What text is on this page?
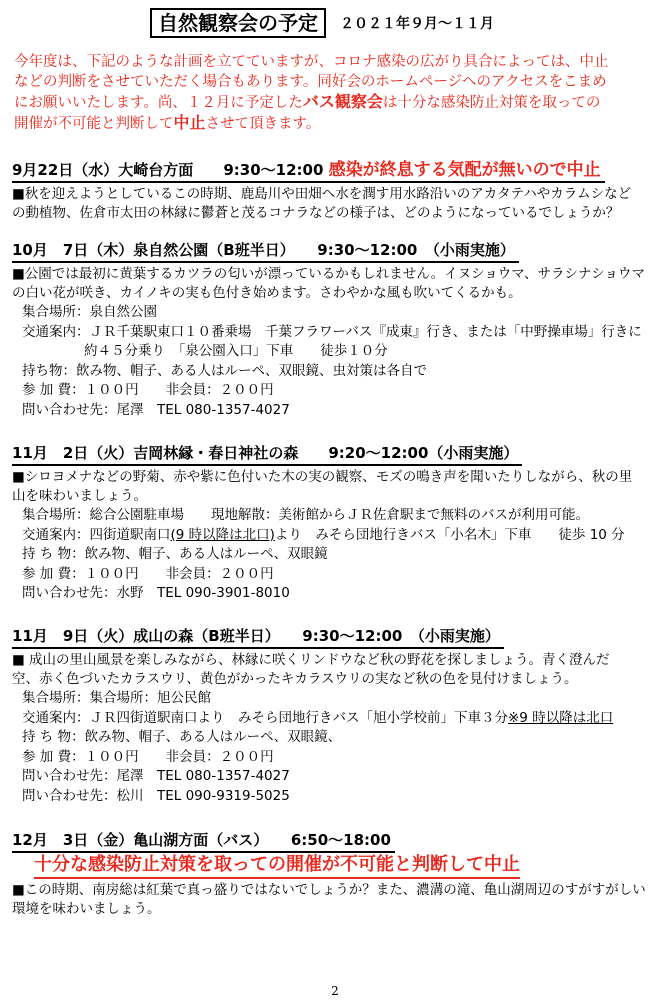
自然観察会の予定	２０２１年９月～１１月
今年度は、下記のような計画を立てていますが、コロナ感染の広がり具合によっては、中止
などの判断をさせていただく場合もあります。同好会のホームページへのアクセスをこまめ
にお願いいたします。尚、１２月に予定したバス観察会は十分な感染防止対策を取っての
開催が不可能と判断して中止させて頂きます。
9月22日（水）大崎台方面　　 9:30～12:00 感染が終息する気配が無いので中止
■秋を迎えようとしているこの時期、鹿島川や田畑へ水を潤す用水路沿いのアカタテハやカラムシなど
の動植物、佐倉市太田の林縁に鬱蒼と茂るコナラなどの様子は、どのようになっているでしょうか？
10月　7日（木）泉自然公園（B班半日）　　 9:30～12:00　 （小雨実施）
■公園では最初に黄葉するカツラの匂いが漂っているかもしれません。イヌショウマ、サラシナショウマ
の白い花が咲き、カイノキの実も色付き始めます。さわやかな風も吹いてくるかも。
集合場所：泉自然公園
交通案内：ＪＲ千葉駅東口１０番乗場　千葉フラワーバス『成東』行き、または「中野操車場」行きに
約４５分乗り　「泉公園入口」下車　　徒歩１０分
持ち物：飲み物、帽子、ある人はルーペ、双眼鏡、虫対策は各自で
参 加 費：１００円　　非会員：２００円
問い合わせ先：尾澤　TEL 080-1357-4027
11月　2日（火）吉岡林縁・春日神社の森　　 9:20～12:00（小雨実施）
■シロヨメナなどの野菊、赤や紫に色付いた木の実の観察、モズの鳴き声を聞いたりしながら、秋の里
山を味わいましょう。
集合場所：総合公園駐車場　　現地解散：美術館からＪＲ佐倉駅まで無料のバスが利用可能。
交通案内：四街道駅南口(9 時以降は北口)より　みそら団地行きバス「小名木」下車　　徒歩 10 分
持 ち 物：飲み物、帽子、ある人はルーペ、双眼鏡
参 加 費：１００円　　非会員：２００円
問い合わせ先：水野　TEL 090-3901-8010
11月　9日（火）成山の森（B班半日）　　 9:30～12:00　 （小雨実施）
■ 成山の里山風景を楽しみながら、林縁に咲くリンドウなど秋の野花を探しましょう。青く澄んだ
空、赤く色づいたカラスウリ、黄色がかったキカラスウリの実など秋の色を見付けましょう。
集合場所：集合場所：旭公民館
交通案内：ＪＲ四街道駅南口より　みそら団地行きバス「旭小学校前」下車３分※9 時以降は北口
持 ち 物：飲み物、帽子、ある人はルーペ、双眼鏡、
参 加 費：１００円　　非会員：２００円
問い合わせ先：尾澤　TEL 080-1357-4027
問い合わせ先：松川　TEL 090-9319-5025
12月　3日（金）亀山湖方面（バス）　　 6:50～18:00
十分な感染防止対策を取っての開催が不可能と判断して中止
■この時期、南房総は紅葉で真っ盛りではないでしょうか？また、濃溝の滝、亀山湖周辺のすがすがしい
環境を味わいましょう。
2
